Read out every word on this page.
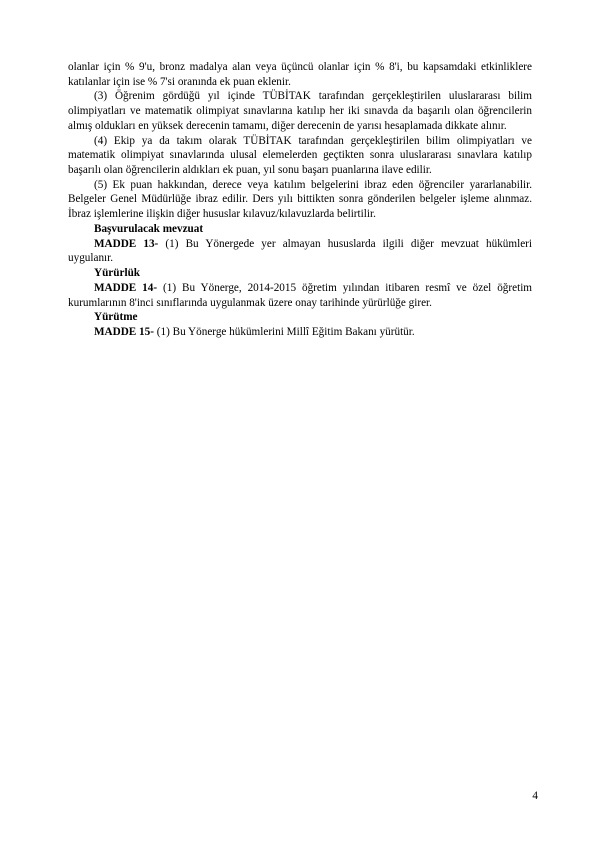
olanlar için % 9'u, bronz madalya alan veya üçüncü olanlar için % 8'i, bu kapsamdaki etkinliklere katılanlar için ise % 7'si oranında ek puan eklenir.

(3) Öğrenim gördüğü yıl içinde TÜBİTAK tarafından gerçekleştirilen uluslararası bilim olimpiyatları ve matematik olimpiyat sınavlarına katılıp her iki sınavda da başarılı olan öğrencilerin almış oldukları en yüksek derecenin tamamı, diğer derecenin de yarısı hesaplamada dikkate alınır.

(4) Ekip ya da takım olarak TÜBİTAK tarafından gerçekleştirilen bilim olimpiyatları ve matematik olimpiyat sınavlarında ulusal elemelerden geçtikten sonra uluslararası sınavlara katılıp başarılı olan öğrencilerin aldıkları ek puan, yıl sonu başarı puanlarına ilave edilir.

(5) Ek puan hakkından, derece veya katılım belgelerini ibraz eden öğrenciler yararlanabilir. Belgeler Genel Müdürlüğe ibraz edilir. Ders yılı bittikten sonra gönderilen belgeler işleme alınmaz. İbraz işlemlerine ilişkin diğer hususlar kılavuz/kılavuzlarda belirtilir.

Başvurulacak mevzuat

MADDE 13- (1) Bu Yönergede yer almayan hususlarda ilgili diğer mevzuat hükümleri uygulanır.

Yürürlük

MADDE 14- (1) Bu Yönerge, 2014-2015 öğretim yılından itibaren resmî ve özel öğretim kurumlarının 8'inci sınıflarında uygulanmak üzere onay tarihinde yürürlüğe girer.

Yürütme

MADDE 15- (1) Bu Yönerge hükümlerini Millî Eğitim Bakanı yürütür.

4
